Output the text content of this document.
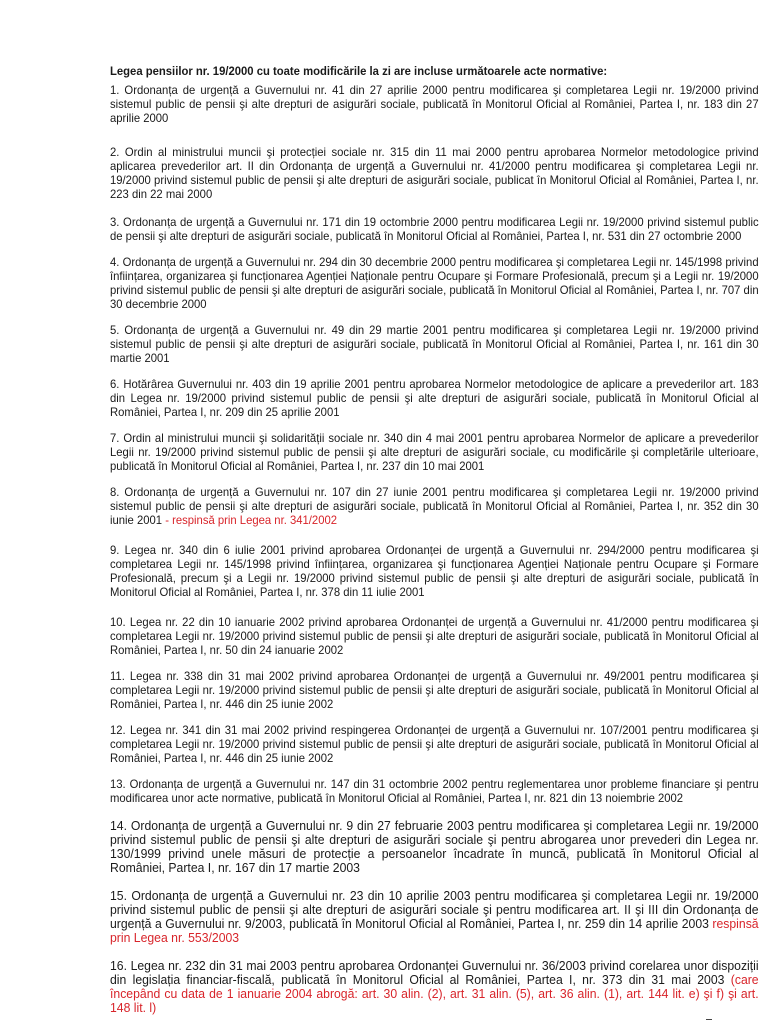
Legea pensiilor nr. 19/2000 cu toate modificările la zi are incluse următoarele acte normative:

1. Ordonanța de urgență a Guvernului nr. 41 din 27 aprilie 2000 pentru modificarea şi completarea Legii nr. 19/2000 privind sistemul public de pensii şi alte drepturi de asigurări sociale, publicată în Monitorul Oficial al României, Partea I, nr. 183 din 27 aprilie 2000

2. Ordin al ministrului muncii şi protecției sociale nr. 315 din 11 mai 2000 pentru aprobarea Normelor metodologice privind aplicarea prevederilor art. II din Ordonanța de urgență a Guvernului nr. 41/2000 pentru modificarea şi completarea Legii nr. 19/2000 privind sistemul public de pensii şi alte drepturi de asigurări sociale, publicat în Monitorul Oficial al României, Partea I, nr. 223 din 22 mai 2000

3. Ordonanța de urgență a Guvernului nr. 171 din 19 octombrie 2000 pentru modificarea Legii nr. 19/2000 privind sistemul public de pensii şi alte drepturi de asigurări sociale, publicată în Monitorul Oficial al României, Partea I, nr. 531 din 27 octombrie 2000

4. Ordonanța de urgență a Guvernului nr. 294 din 30 decembrie 2000 pentru modificarea şi completarea Legii nr. 145/1998 privind înființarea, organizarea şi funcționarea Agenției Naționale pentru Ocupare şi Formare Profesională, precum şi a Legii nr. 19/2000 privind sistemul public de pensii şi alte drepturi de asigurări sociale, publicată în Monitorul Oficial al României, Partea I, nr. 707 din 30 decembrie 2000

5. Ordonanța de urgență a Guvernului nr. 49 din 29 martie 2001 pentru modificarea şi completarea Legii nr. 19/2000 privind sistemul public de pensii şi alte drepturi de asigurări sociale, publicată în Monitorul Oficial al României, Partea I, nr. 161 din 30 martie 2001

6. Hotărârea Guvernului nr. 403 din 19 aprilie 2001 pentru aprobarea Normelor metodologice de aplicare a prevederilor art. 183 din Legea nr. 19/2000 privind sistemul public de pensii şi alte drepturi de asigurări sociale, publicată în Monitorul Oficial al României, Partea I, nr. 209 din 25 aprilie 2001

7. Ordin al ministrului muncii şi solidarității sociale nr. 340 din 4 mai 2001 pentru aprobarea Normelor de aplicare a prevederilor Legii nr. 19/2000 privind sistemul public de pensii şi alte drepturi de asigurări sociale, cu modificările şi completările ulterioare, publicată în Monitorul Oficial al României, Partea I, nr. 237 din 10 mai 2001

8. Ordonanța de urgență a Guvernului nr. 107 din 27 iunie 2001 pentru modificarea şi completarea Legii nr. 19/2000 privind sistemul public de pensii şi alte drepturi de asigurări sociale, publicată în Monitorul Oficial al României, Partea I, nr. 352 din 30 iunie 2001 - respinsă prin Legea nr. 341/2002

9. Legea nr. 340 din 6 iulie 2001 privind aprobarea Ordonanței de urgență a Guvernului nr. 294/2000 pentru modificarea şi completarea Legii nr. 145/1998 privind înființarea, organizarea şi funcționarea Agenției Naționale pentru Ocupare şi Formare Profesională, precum şi a Legii nr. 19/2000 privind sistemul public de pensii şi alte drepturi de asigurări sociale, publicată în Monitorul Oficial al României, Partea I, nr. 378 din 11 iulie 2001

10. Legea nr. 22 din 10 ianuarie 2002 privind aprobarea Ordonanței de urgență a Guvernului nr. 41/2000 pentru modificarea şi completarea Legii nr. 19/2000 privind sistemul public de pensii şi alte drepturi de asigurări sociale, publicată în Monitorul Oficial al României, Partea I, nr. 50 din 24 ianuarie 2002

11. Legea nr. 338 din 31 mai 2002 privind aprobarea Ordonanței de urgență a Guvernului nr. 49/2001 pentru modificarea şi completarea Legii nr. 19/2000 privind sistemul public de pensii şi alte drepturi de asigurări sociale, publicată în Monitorul Oficial al României, Partea I, nr. 446 din 25 iunie 2002

12. Legea nr. 341 din 31 mai 2002 privind respingerea Ordonanței de urgență a Guvernului nr. 107/2001 pentru modificarea şi completarea Legii nr. 19/2000 privind sistemul public de pensii şi alte drepturi de asigurări sociale, publicată în Monitorul Oficial al României, Partea I, nr. 446 din 25 iunie 2002

13. Ordonanța de urgență a Guvernului nr. 147 din 31 octombrie 2002 pentru reglementarea unor probleme financiare şi pentru modificarea unor acte normative, publicată în Monitorul Oficial al României, Partea I, nr. 821 din 13 noiembrie 2002

14. Ordonanța de urgență a Guvernului nr. 9 din 27 februarie 2003 pentru modificarea şi completarea Legii nr. 19/2000 privind sistemul public de pensii şi alte drepturi de asigurări sociale şi pentru abrogarea unor prevederi din Legea nr. 130/1999 privind unele măsuri de protecție a persoanelor încadrate în muncă, publicată în Monitorul Oficial al României, Partea I, nr. 167 din 17 martie 2003

15. Ordonanța de urgență a Guvernului nr. 23 din 10 aprilie 2003 pentru modificarea şi completarea Legii nr. 19/2000 privind sistemul public de pensii şi alte drepturi de asigurări sociale şi pentru modificarea art. II şi III din Ordonanța de urgență a Guvernului nr. 9/2003, publicată în Monitorul Oficial al României, Partea I, nr. 259 din 14 aprilie 2003 respinsă prin Legea nr. 553/2003

16. Legea nr. 232 din 31 mai 2003 pentru aprobarea Ordonanței Guvernului nr. 36/2003 privind corelarea unor dispoziții din legislația financiar-fiscală, publicată în Monitorul Oficial al României, Partea I, nr. 373 din 31 mai 2003 (care începând cu data de 1 ianuarie 2004 abrogă: art. 30 alin. (2), art. 31 alin. (5), art. 36 alin. (1), art. 144 lit. e) şi f) şi art. 148 lit. l)
